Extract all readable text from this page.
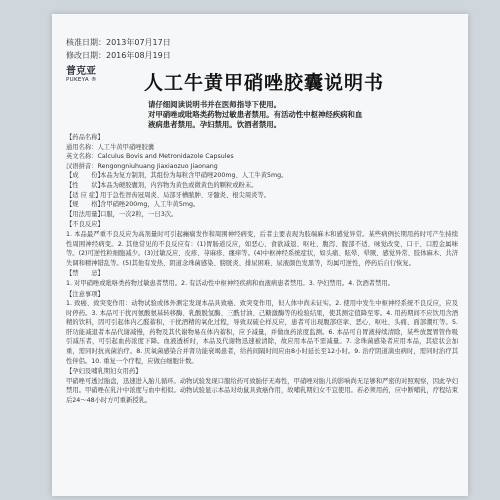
核准日期：2013年07月17日
修改日期：2016年08月19日
普克亚
PUKEYA ®	人工牛黄甲硝唑胶囊说明书
请仔细阅读说明书并在医师指导下使用。
对甲硝唑或吡咯类药物过敏患者禁用。有活动性中枢神经疾病和血
液病患者禁用。孕妇禁用。饮酒者禁用。
【药品名称】
通用名称：人工牛黄甲硝唑胶囊
英文名称：Calculus Bovis and Metronidazole Capsules
汉语拼音：Rengongniuhuang Jiaxiaozuo Jiaonang
【成　　份】 本品为复方制剂，其组份为每粒含甲硝唑200mg、人工牛黄5mg。
【性　　状】 本品为硬胶囊剂，内容物为黄色或微黄色的颗粒或粉末。
【适 应 症】 用于急性智齿冠周炎、局部牙槽脓肿、牙髓炎、根尖周炎等。
【规　　格】 含甲硝唑200mg，人工牛黄5mg。
【用法用量】 口服，一次2粒，一日3次。
【不良反应】
1. 本品最严重不良反应为高剂量时可引起癫痫发作和周围神经病变，后者主要表现为肢端麻木和感觉异常。某些病例长期用药时可产生持续性周围神经病变。2. 其他常见的不良反应有：(1)胃肠道反应，如恶心、食欲减退、呕吐、腹泻、腹部不适、味觉改变、口干、口腔金属味等。(2)可逆性粒细胞减少。(3)过敏反应、皮疹、荨麻疹、瘙痒等。(4)中枢神经系统症状，如头痛、眩晕、晕厥、感觉异常、肢体麻木、共济失调和精神错乱等。(5)其他有发热、阴道念珠菌感染、膀胱炎、排尿困难、尿液颜色发黑等，均属可逆性，停药后自行恢复。
【禁　　忌】
1. 对甲硝唑或吡咯类药物过敏患者禁用。2. 有活动性中枢神经疾病和血液病患者禁用。3. 孕妇禁用。4. 饮酒者禁用。
【注意事项】
1. 致癌、致突变作用：动物试验或体外测定发现本品具致癌、致突变作用，但人体中尚未证实。2. 使用中发生中枢神经系统不良反应，应及时停药。3. 本品可干扰丙氨酸氨基转移酶、乳酸脱氢酶、三酰甘油、己糖激酶等的检验结果，使其测定值降至零。4. 用药期间不应饮用含酒精的饮料，因可引起体内乙醛蓄积，干扰酒精的氧化过程，导致双硫仑样反应，患者可出现腹部痉挛、恶心、呕吐、头痛、面部潮红等。5. 肝功能减退者本品代谢减慢，药物及其代谢物易在体内蓄积，应予减量，并做血药浓度监测。6. 本品可自胃液持续清除，某些放置胃管作吸引减压者，可引起血药浓度下降。血液透析时，本品及代谢物迅速被清除，故应用本品不需减量。7. 念珠菌感染者应用本品，其症状会加重，需同时抗真菌治疗。8. 厌氧菌感染合并肾功能衰竭患者，给药间隔时间应由8小时延长至12小时。9. 治疗阴道滴虫病时，需同时治疗其性伴侣。10. 重复一个疗程，应做白细胞计数。
【孕妇及哺乳期妇女用药】
甲硝唑可透过胎盘，迅速进入胎儿循环。动物试验发现口服给药可致胎仔无毒性，甲硝唑对胎儿的影响尚无足够和严密的对照观察，因此孕妇禁用。甲硝唑在乳汁中浓度与血中相似。动物试验显示本品对幼鼠具致癌作用，故哺乳期妇女不宜使用。若必须用药，应中断哺乳，疗程结束后24～48小时方可重新授乳。
